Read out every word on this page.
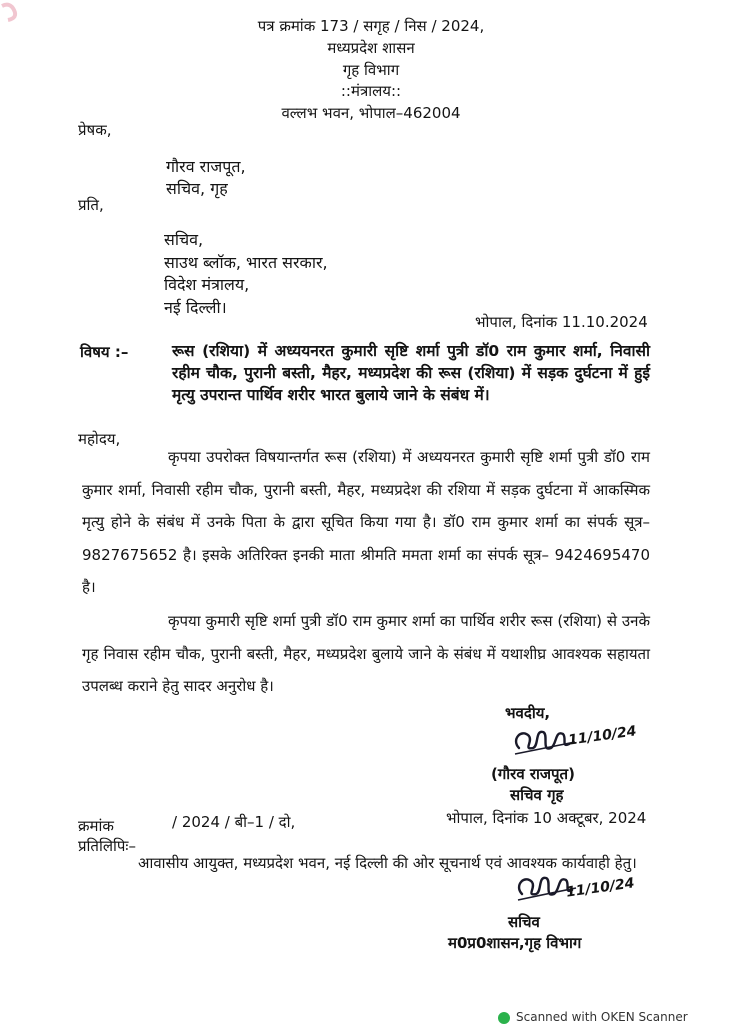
पत्र क्रमांक 173 / सगृह / निस / 2024,
मध्यप्रदेश शासन
गृह विभाग
::मंत्रालय::
वल्लभ भवन, भोपाल–462004
प्रेषक,
गौरव राजपूत,
सचिव, गृह
प्रति,
सचिव,
साउथ ब्लॉक, भारत सरकार,
विदेश मंत्रालय,
नई दिल्ली।
भोपाल, दिनांक 11.10.2024
विषय :–	रूस (रशिया) में अध्ययनरत कुमारी सृष्टि शर्मा पुत्री डॉ0 राम कुमार शर्मा, निवासी रहीम चौक, पुरानी बस्ती, मैहर, मध्यप्रदेश की रूस (रशिया) में सड़क दुर्घटना में हुई मृत्यु उपरान्त पार्थिव शरीर भारत बुलाये जाने के संबंध में।
महोदय,
कृपया उपरोक्त विषयान्तर्गत रूस (रशिया) में अध्ययनरत कुमारी सृष्टि शर्मा पुत्री डॉ0 राम कुमार शर्मा, निवासी रहीम चौक, पुरानी बस्ती, मैहर, मध्यप्रदेश की रशिया में सड़क दुर्घटना में आकस्मिक मृत्यु होने के संबंध में उनके पिता के द्वारा सूचित किया गया है। डॉ0 राम कुमार शर्मा का संपर्क सूत्र– 9827675652 है। इसके अतिरिक्त इनकी माता श्रीमति ममता शर्मा का संपर्क सूत्र– 9424695470 है।
कृपया कुमारी सृष्टि शर्मा पुत्री डॉ0 राम कुमार शर्मा का पार्थिव शरीर रूस (रशिया) से उनके गृह निवास रहीम चौक, पुरानी बस्ती, मैहर, मध्यप्रदेश बुलाये जाने के संबंध में यथाशीघ्र आवश्यक सहायता उपलब्ध कराने हेतु सादर अनुरोध है।
भवदीय,
11/10/24
(गौरव राजपूत)
सचिव गृह
क्रमांक	/ 2024 / बी–1 / दो,	भोपाल, दिनांक 10 अक्टूबर, 2024
प्रतिलिपिः–
आवासीय आयुक्त, मध्यप्रदेश भवन, नई दिल्ली की ओर सूचनार्थ एवं आवश्यक कार्यवाही हेतु।
11/10/24
सचिव
म0प्र0शासन,गृह विभाग
Scanned with OKEN Scanner
